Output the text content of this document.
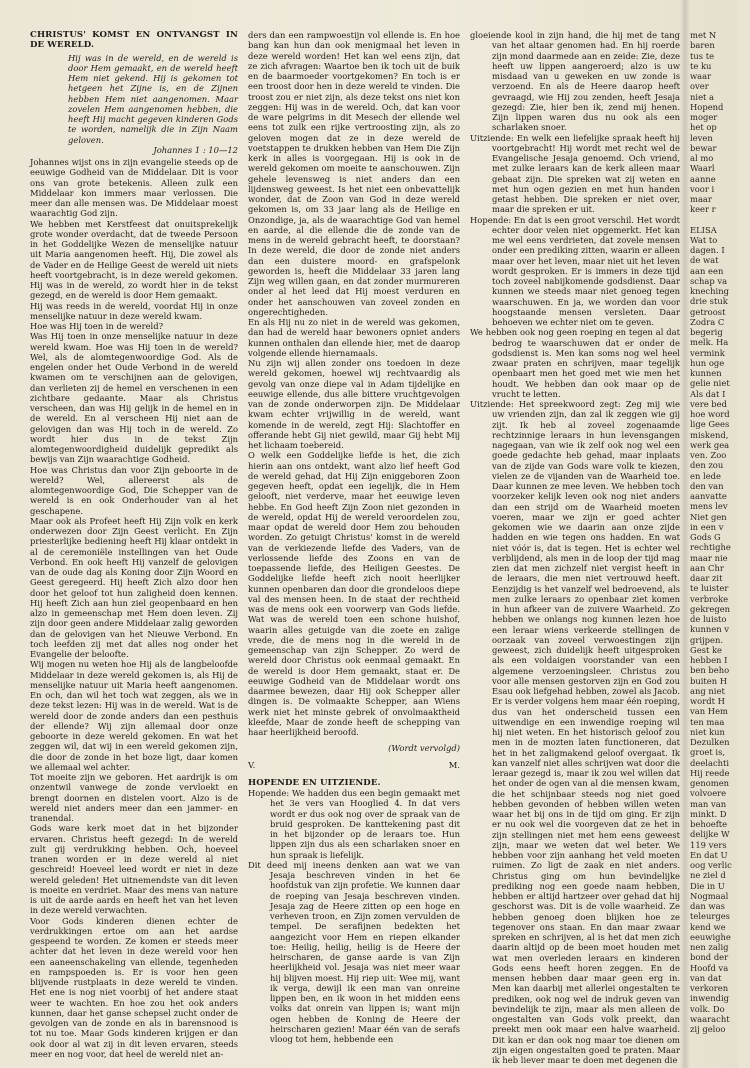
CHRISTUS' KOMST EN ONTVANGST IN DE WERELD.

Hij was in de wereld, en de wereld is door Hem gemaakt, en de wereld heeft Hem niet gekend. Hij is gekomen tot hetgeen het Zijne is, en de Zijnen hebben Hem niet aangenomen. Maar zovelen Hem aangenomen hebben, die heeft Hij macht gegeven kinderen Gods te worden, namelijk die in Zijn Naam geloven.

Johannes 1 : 10—12

Johannes wijst ons in zijn evangelie steeds op de eeuwige Godheid van de Middelaar. Dit is voor ons van grote betekenis. Alleen zulk een Middelaar kon immers maar verlossen. Die meer dan alle mensen was. De Middelaar moest waarachtig God zijn.

We hebben met Kerstfeest dat onuitsprekelijk grote wonder overdacht, dat de tweede Persoon in het Goddelijke Wezen de menselijke natuur uit Maria aangenomen heeft. Hij, Die zowel als de Vader en de Heilige Geest de wereld uit niets heeft voortgebracht, is in deze wereld gekomen. Hij was in de wereld, zo wordt hier in de tekst gezegd, en de wereld is door Hem gemaakt.

Hij was reeds in de wereld, voordat Hij in onze menselijke natuur in deze wereld kwam.

Hoe was Hij toen in de wereld?

Was Hij toen in onze menselijke natuur in deze wereld kwam. Hoe was Hij toen in de wereld? Wel, als de alomtegenwoordige God. Als de engelen onder het Oude Verbond in de wereld kwamen om te verschijnen aan de gelovigen, dan verlieten zij de hemel en verschenen in een zichtbare gedaante. Maar als Christus verscheen, dan was Hij gelijk in de hemel en in de wereld. En al verscheen Hij niet aan de gelovigen dan was Hij toch in de wereld. Zo wordt hier dus in de tekst Zijn alomtegenwoordigheid duidelijk gepredikt als bewijs van Zijn waarachtige Godheid.

Hoe was Christus dan voor Zijn geboorte in de wereld? Wel, allereerst als de alomtegenwoordige God, Die Schepper van de wereld is en ook Onderhouder van al het geschapene.

Maar ook als Profeet heeft Hij Zijn volk en kerk onderwezen door Zijn Geest verlicht. En Zijn priesterlijke bediening heeft Hij klaar ontdekt in al de ceremoniële instellingen van het Oude Verbond. En ook heeft Hij vanzelf de gelovigen van de oude dag als Koning door Zijn Woord en Geest geregeerd. Hij heeft Zich alzo door hen door het geloof tot hun zaligheid doen kennen. Hij heeft Zich aan hun ziel geopenbaard en hen alzo in gemeenschap met Hem doen leven. Zij zijn door geen andere Middelaar zalig geworden dan de gelovigen van het Nieuwe Verbond. En toch leefden zij met dat alles nog onder het Evangelie der beloofte.

Wij mogen nu weten hoe Hij als de langbeloofde Middelaar in deze wereld gekomen is, als Hij de menselijke natuur uit Maria heeft aangenomen. En och, dan wil het toch wat zeggen, als we in deze tekst lezen: Hij was in de wereld. Wat is de wereld door de zonde anders dan een pesthuis der ellende? Wij zijn allemaal door onze geboorte in deze wereld gekomen. En wat het zeggen wil, dat wij in een wereld gekomen zijn, die door de zonde in het boze ligt, daar komen we allemaal wel achter.

Tot moeite zijn we geboren. Het aardrijk is om onzentwil vanwege de zonde vervloekt en brengt doornen en distelen voort. Alzo is de wereld niet anders meer dan een jammer- en tranendal.

Gods ware kerk moet dat in het bijzonder ervaren. Christus heeft gezegd: In de wereld zult gij verdrukking hebben. Och, hoeveel tranen worden er in deze wereld al niet geschreid! Hoeveel leed wordt er niet in deze wereld geleden! Het uitnemendste van dit leven is moeite en verdriet. Maar des mens van nature is uit de aarde aards en heeft het van het leven in deze wereld verwachten.

Voor Gods kinderen dienen echter de verdrukkingen ertoe om aan het aardse gespeend te worden. Ze komen er steeds meer achter dat het leven in deze wereld voor hen een aaneenschakeling van ellende, tegenheden en rampspoeden is. Er is voor hen geen blijvende rustplaats in deze wereld te vinden. Het ene is nog niet voorbij of het andere staat weer te wachten. En hoe zou het ook anders kunnen, daar het ganse schepsel zucht onder de gevolgen van de zonde en als in barensnood is tot nu toe. Maar Gods kinderen krijgen er dan ook door al wat zij in dit leven ervaren, steeds meer en nog voor, dat heel de wereld niet an-

ders dan een rampwoestijn vol ellende is. En hoe bang kan hun dan ook menigmaal het leven in deze wereld worden! Het kan wel eens zijn, dat ze zich afvragen: Waartoe ben ik toch uit de buik en de baarmoeder voortgekomen? En toch is er een troost door hen in deze wereld te vinden. Die troost zou er niet zijn, als deze tekst ons niet kon zeggen: Hij was in de wereld. Och, dat kan voor de ware pelgrims in dit Mesech der ellende wel eens tot zulk een rijke vertroosting zijn, als zo geloven mogen dat ze in deze wereld de voetstappen te drukken hebben van Hem Die Zijn kerk in alles is voorgegaan. Hij is ook in de wereld gekomen om moeite te aanschouwen. Zijn gehele levensweg is niet anders dan een lijdensweg geweest. Is het niet een onbevattelijk wonder, dat de Zoon van God in deze wereld gekomen is, om 33 jaar lang als de Heilige en Onzondige, ja, als de waarachtige God van hemel en aarde, al die ellende die de zonde van de mens in de wereld gebracht heeft, te doorstaan? In deze wereld, die door de zonde niet anders dan een duistere moord- en grafspelonk geworden is, heeft die Middelaar 33 jaren lang Zijn weg willen gaan, en dat zonder murmureren onder al het leed dat Hij moest verduren en onder het aanschouwen van zoveel zonden en ongerechtigheden.

En als Hij nu zo niet in de wereld was gekomen, dan had de wereld haar bewoners opniet anders kunnen onthalen dan ellende hier, met de daarop volgende ellende hiernamaals.

Nu zijn wij allen zonder ons toedoen in deze wereld gekomen, hoewel wij rechtvaardig als gevolg van onze diepe val in Adam tijdelijke en eeuwige ellende, dus alle bittere vruchtgevolgen van de zonde onderworpen zijn. De Middelaar kwam echter vrijwillig in de wereld, want komende in de wereld, zegt Hij: Slachtoffer en offerande hebt Gij niet gewild, maar Gij hebt Mij het lichaam toebereid.

O welk een Goddelijke liefde is het, die zich hierin aan ons ontdekt, want alzo lief heeft God de wereld gehad, dat Hij Zijn eniggeboren Zoon gegeven heeft, opdat een iegelijk, die in Hem gelooft, niet verderve, maar het eeuwige leven hebbe. En God heeft Zijn Zoon niet gezonden in de wereld, opdat Hij de wereld veroordelen zou, maar opdat de wereld door Hem zou behouden worden. Zo getuigt Christus' komst in de wereld van de verkiezende liefde des Vaders, van de verlossende liefde des Zoons en van de toepassende liefde, des Heiligen Geestes. De Goddelijke liefde heeft zich nooit heerlijker kunnen openbaren dan door die grondeloos diepe val des mensen heen. In de staat der rechtheid was de mens ook een voorwerp van Gods liefde. Wat was de wereld toen een schone huishof, waarin alles getuigde van die zoete en zalige vrede, die de mens nog in die wereld in de gemeenschap van zijn Schepper. Zo werd de wereld door Christus ook eenmaal gemaakt. En de wereld is door Hem gemaakt, staat er. De eeuwige Godheid van de Middelaar wordt ons daarmee bewezen, daar Hij ook Schepper aller dingen is. De volmaakte Schepper, aan Wiens werk niet het minste gebrek of onvolmaaktheid kleefde, Maar de zonde heeft de schepping van haar heerlijkheid beroofd.

(Wordt vervolgd)

V.	M.

HOPENDE EN UITZIENDE.

Hopende: We hadden dus een begin gemaakt met het 3e vers van Hooglied 4. In dat vers wordt er dus ook nog over de spraak van de bruid gesproken. De kanttekening past dit in het bijzonder op de leraars toe. Hun lippen zijn dus als een scharlaken snoer en hun spraak is liefelijk.

Dit deed mij ineens denken aan wat we van Jesaja beschreven vinden in het 6e hoofdstuk van zijn profetie. We kunnen daar de roeping van Jesaja beschreven vinden. Jesaja zag de Heere zitten op een hoge en verheven troon, en Zijn zomen vervulden de tempel. De serafijnen bedekten het aangezicht voor Hem en riepen elkander toe: Heilig, heilig, heilig is de Heere der heirscharen, de ganse aarde is van Zijn heerlijkheid vol. Jesaja was niet meer waar hij blijven moest. Hij riep uit: Wee mij, want ik verga, dewijl ik een man van onreine lippen ben, en ik woon in het midden eens volks dat onrein van lippen is; want mijn ogen hebben de Koning de Heere der heirscharen gezien! Maar één van de serafs vloog tot hem, hebbende een

gloeiende kool in zijn hand, die hij met de tang van het altaar genomen had. En hij roerde zijn mond daarmede aan en zeide: Zie, deze heeft uw lippen aangeroerd; alzo is uw misdaad van u geweken en uw zonde is verzoend. En als de Heere daarop heeft gevraagd, wie Hij zou zenden, heeft Jesaja gezegd: Zie, hier ben ik, zend mij henen. Zijn lippen waren dus nu ook als een scharlaken snoer.

Uitziende: En welk een liefelijke spraak heeft hij voortgebracht! Hij wordt met recht wel de Evangelische Jesaja genoemd. Och vriend, met zulke leraars kan de kerk alleen maar gebaat zijn. Die spreken wat zij weten en met hun ogen gezien en met hun handen getast hebben. Die spreken er niet over, maar die spreken er uit.

Hopende: En dat is een groot verschil. Het wordt echter door velen niet opgemerkt. Het kan me wel eens verdrieten, dat zovele mensen onder een prediking zitten, waarin er alleen maar over het leven, maar niet uit het leven wordt gesproken. Er is immers in deze tijd toch zoveel nabijkomende godsdienst. Daar kunnen we steeds maar niet genoeg tegen waarschuwen. En ja, we worden dan voor hoogstaande mensen versleten. Daar behoeven we echter niet om te geven.

We hebben ook nog geen roeping en tegen al dat bedrog te waarschuwen dat er onder de godsdienst is. Men kan soms nog wel heel zwaar praten en schrijven, maar tegelijk openbaart men het goed met wie men het houdt. We hebben dan ook maar op de vrucht te letten.

Uitziende: Het spreekwoord zegt: Zeg mij wie uw vrienden zijn, dan zal ik zeggen wie gij zijt. Ik heb al zoveel zogenaamde rechtzinnige leraars in hun levensgangen nagegaan, van wie ik zelf ook nog wel een goede gedachte heb gehad, maar inplaats van de zijde van Gods ware volk te kiezen, vielen ze de vijanden van de Waarheid toe. Daar kunnen ze mee leven. We hebben toch voorzeker kelijk leven ook nog niet anders dan een strijd om de Waarheid moeten voeren, maar we zijn er goed achter gekomen wie we daarin aan onze zijde hadden en wie tegen ons hadden. En wat niet vóór is, dat is tegen. Het is echter wel verblijdend, als men in de loop der tijd mag zien dat men zichzelf niet vergist heeft in de leraars, die men niet vertrouwd heeft. Eenzijdig is het vanzelf wel bedroevend, als men zulke leraars zo openbaar ziet komen in hun afkeer van de zuivere Waarheid. Zo hebben we onlangs nog kunnen lezen hoe een leraar wiens verkeerde stellingen de oorzaak van zoveel verwoestingen zijn geweest, zich duidelijk heeft uitgesproken als een voldaigen voorstander van een algemene verzoeningsleer. Christus zou voor alle mensen gestorven zijn en God zou Esau ook liefgehad hebben, zowel als Jacob. Er is verder volgens hem maar één roeping, dus van het onderscheid tussen een uitwendige en een inwendige roeping wil hij niet weten. En het historisch geloof zou men in de mozten laten functioneren, dat het in het zaligmakend geloof overgaat. Ik kan vanzelf niet alles schrijven wat door die leraar gezegd is, maar ik zou wel willen dat het onder de ogen van al die mensen kwam, die het schijnbaar steeds nog niet goed hebben gevonden of hebben willen weten waar het bij ons in de tijd om ging. Er zijn er nu ook wel die voorgeven dat ze het in zijn stellingen niet met hem eens geweest zijn, maar we weten dat wel beter. We hebben voor zijn aanhang het veld moeten ruimen. Zo ligt de zaak en niet anders. Christus ging om hun bevindelijke prediking nog een goede naam hebben, hebben er altijd hartzeer over gehad dat hij geschorst was. Dit is de volle waarheid. Ze hebben genoeg doen blijken hoe ze tegenover ons staan. En dan maar zwaar spreken en schrijven, al is het dat men zich daarin altijd op de been moet houden met wat men overleden leraars en kinderen Gods eens heeft horen zeggen. En de mensen hebben daar maar geen erg in. Men kan daarbij met allerlei ongestalten te prediken, ook nog wel de indruk geven van bevindelijk te zijn, maar als men alleen de ongestalten van Gods volk preekt, dan preekt men ook maar een halve waarheid. Dit kan er dan ook nog maar toe dienen om zijn eigen ongestalten goed te praten. Maar ik heb liever maar te doen met degenen die

met N

baren

tus te

te ku

waar

over

niet a

Hopend

moger

het op

leven

bewar

al mo

Waarl

aanne

voor i

maar

keer r

ELISA

Wat to

dagen. I

de wat

aan een

schap va

kneching

drie stuk

getroost

Zodra C

begerig

melk. Ha

vermink

hun oge

kunnen

gelie niet

Als dat I

vere bed

hoe word

lige Gees

miskend,

werk gea

ven. Zoo

den zou

en lede

den van

aanvatte

mens lev

Niet gen

in een v

Gods G

rechtighe

maar nie

aan Chr

daar zit

te luister

verbroke

gekregen

de luisto

kunnen v

grijpen.

Gest ke

hebben I

ben beho

buiten H

ang niet

wordt H

van Hem

ten maa

niet kun

Dezulken

groet is,

deelachti

Hij reede

genomen

volvoere

man van

minkt. D

behoefte

delijke W

119 vers

En dat U

oog verlic

ne ziel d

Die in U

Nogmaal

dan was

teleurges

kend we

eeuwighe

nen zalig

bond der

Hoofd va

van dat

verkoren

inwendig

volk. Do

waaracht

zij geloo
